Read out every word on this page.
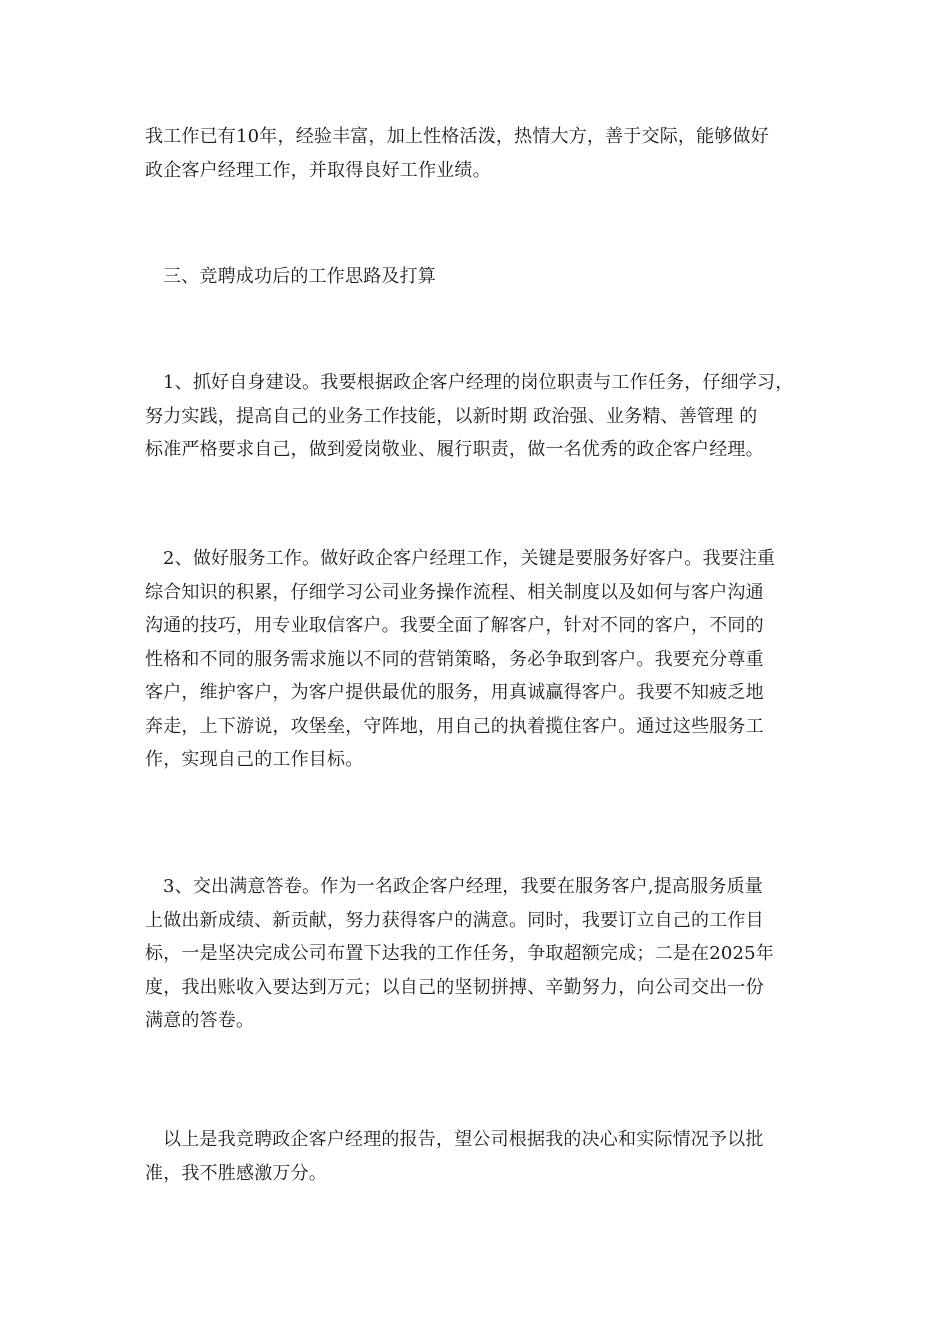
我工作已有10年，经验丰富，加上性格活泼，热情大方，善于交际，能够做好
政企客户经理工作，并取得良好工作业绩。

三、竞聘成功后的工作思路及打算

1、抓好自身建设。我要根据政企客户经理的岗位职责与工作任务，仔细学习，
努力实践，提高自己的业务工作技能，以新时期 政治强、业务精、善管理 的
标准严格要求自己，做到爱岗敬业、履行职责，做一名优秀的政企客户经理。

2、做好服务工作。做好政企客户经理工作，关键是要服务好客户。我要注重
综合知识的积累，仔细学习公司业务操作流程、相关制度以及如何与客户沟通
沟通的技巧，用专业取信客户。我要全面了解客户，针对不同的客户，不同的
性格和不同的服务需求施以不同的营销策略，务必争取到客户。我要充分尊重
客户，维护客户，为客户提供最优的服务，用真诚赢得客户。我要不知疲乏地
奔走，上下游说，攻堡垒，守阵地，用自己的执着揽住客户。通过这些服务工
作，实现自己的工作目标。

3、交出满意答卷。作为一名政企客户经理，我要在服务客户,提高服务质量
上做出新成绩、新贡献，努力获得客户的满意。同时，我要订立自己的工作目
标，一是坚决完成公司布置下达我的工作任务，争取超额完成；二是在2025年
度，我出账收入要达到万元；以自己的坚韧拼搏、辛勤努力，向公司交出一份
满意的答卷。

以上是我竞聘政企客户经理的报告，望公司根据我的决心和实际情况予以批
准，我不胜感激万分。
